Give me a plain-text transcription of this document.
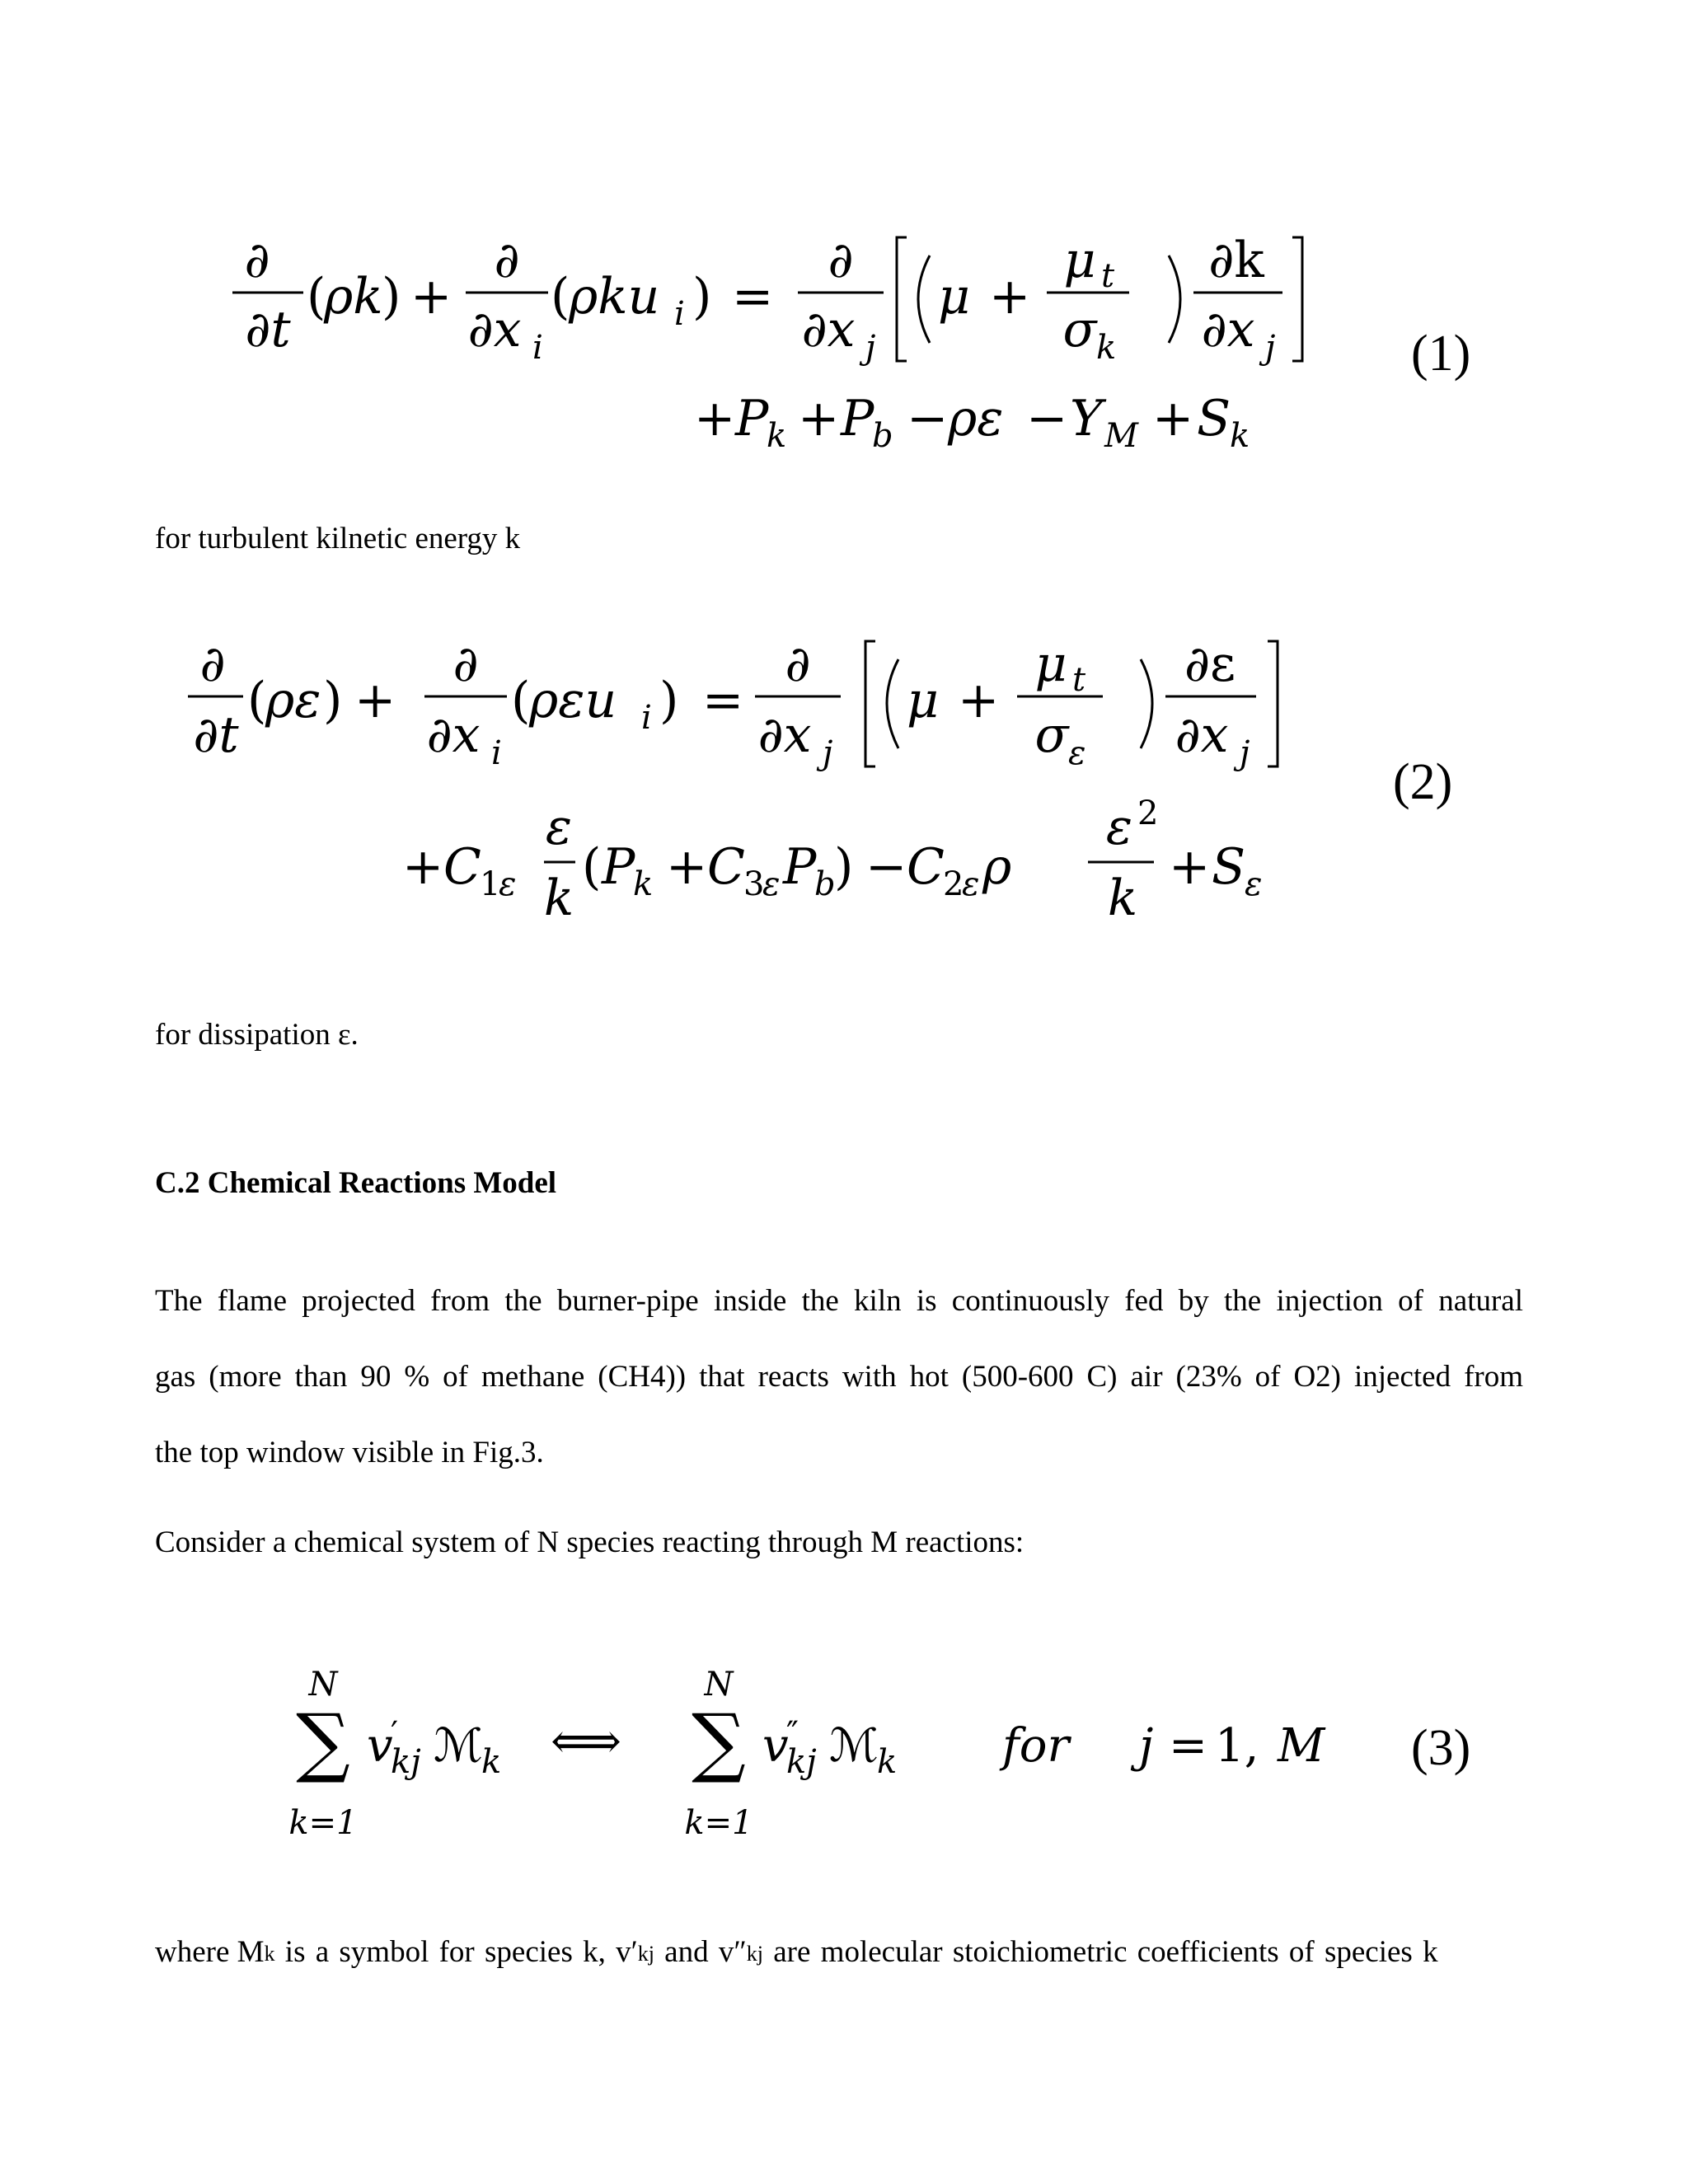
∂
∂t
(
ρk
) +
∂
∂x i
(
ρku i ) =
∂
∂x j
μ +
μ t
σ k
∂k
∂x j
+ P
k + P
b − ρε − Y M + S
k
(1)
for turbulent kilnetic energy k
∂
∂t
(
ρε ) +
∂
∂x i
(
ρεu i ) =
∂
∂x j
μ +
μ t
σ ε
∂ε
∂x j
+ C
1
ε
ε
k
( P
k + C
3
ε P
b
) − C
2
ε ρ
ε 2
k
+ S
ε
(2)
for dissipation ε.
C.2 Chemical Reactions Model
The flame projected from the burner-pipe inside the kiln is continuously fed by the injection of natural
gas (more than 90 % of methane (CH4)) that reacts with hot (500-600 C) air (23% of O2) injected from
the top window visible in Fig.3.
Consider a chemical system of N species reacting through M reactions:
N
∑
k=1
v
′
kj ℳ
k ⟺
N
∑
k=1
v
″
kj ℳ
k for j = 1, M (3)
where M k is a symbol for species k, v′ kj and v″ kj are molecular stoichiometric coefficients of species k
